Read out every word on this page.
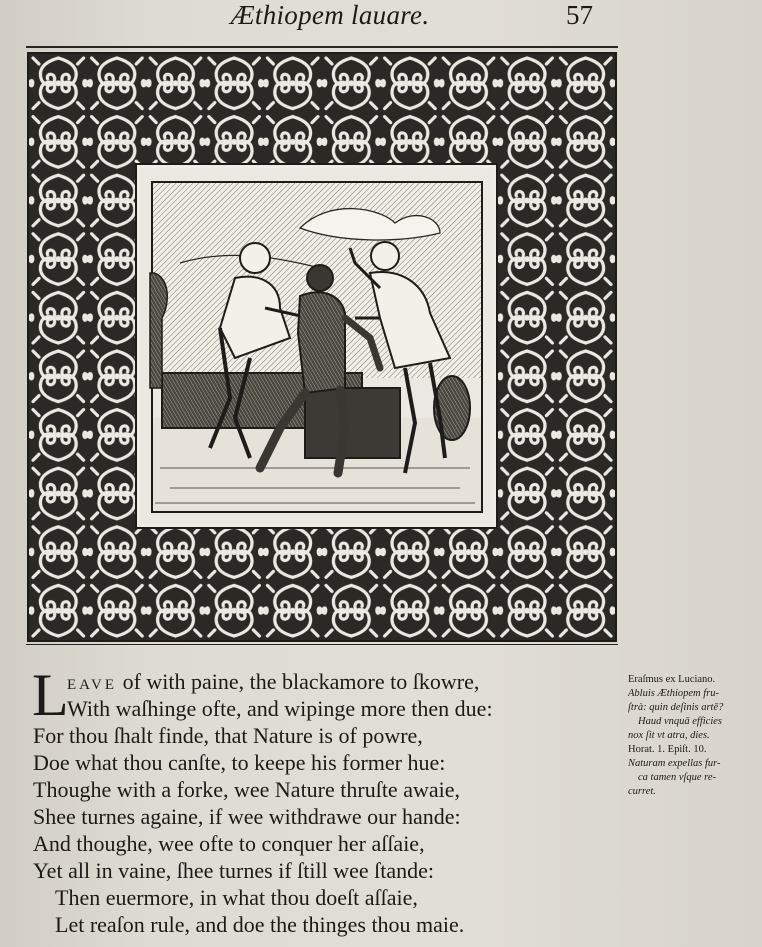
Æthiopem lauare.	57
L
EAVE of with paine, the blackamore to ſkowre,
With waſhinge ofte, and wipinge more then due:
For thou ſhalt finde, that Nature is of powre,
Doe what thou canſte, to keepe his former hue:
Thoughe with a forke, wee Nature thruſte awaie,
Shee turnes againe, if wee withdrawe our hande:
And thoughe, wee ofte to conquer her aſſaie,
Yet all in vaine, ſhee turnes if ſtill wee ſtande:
Then euermore, in what thou doeſt aſſaie,
Let reaſon rule, and doe the thinges thou maie.
Eraſmus ex Luciano.
Abluis Æthiopem fru-
ſtrà: quin deſinis artē?
Haud vnquā efficies
nox ſit vt atra, dies.
Horat. 1. Epiſt. 10.
Naturam expellas fur-
ca tamen vſque re-
curret.
